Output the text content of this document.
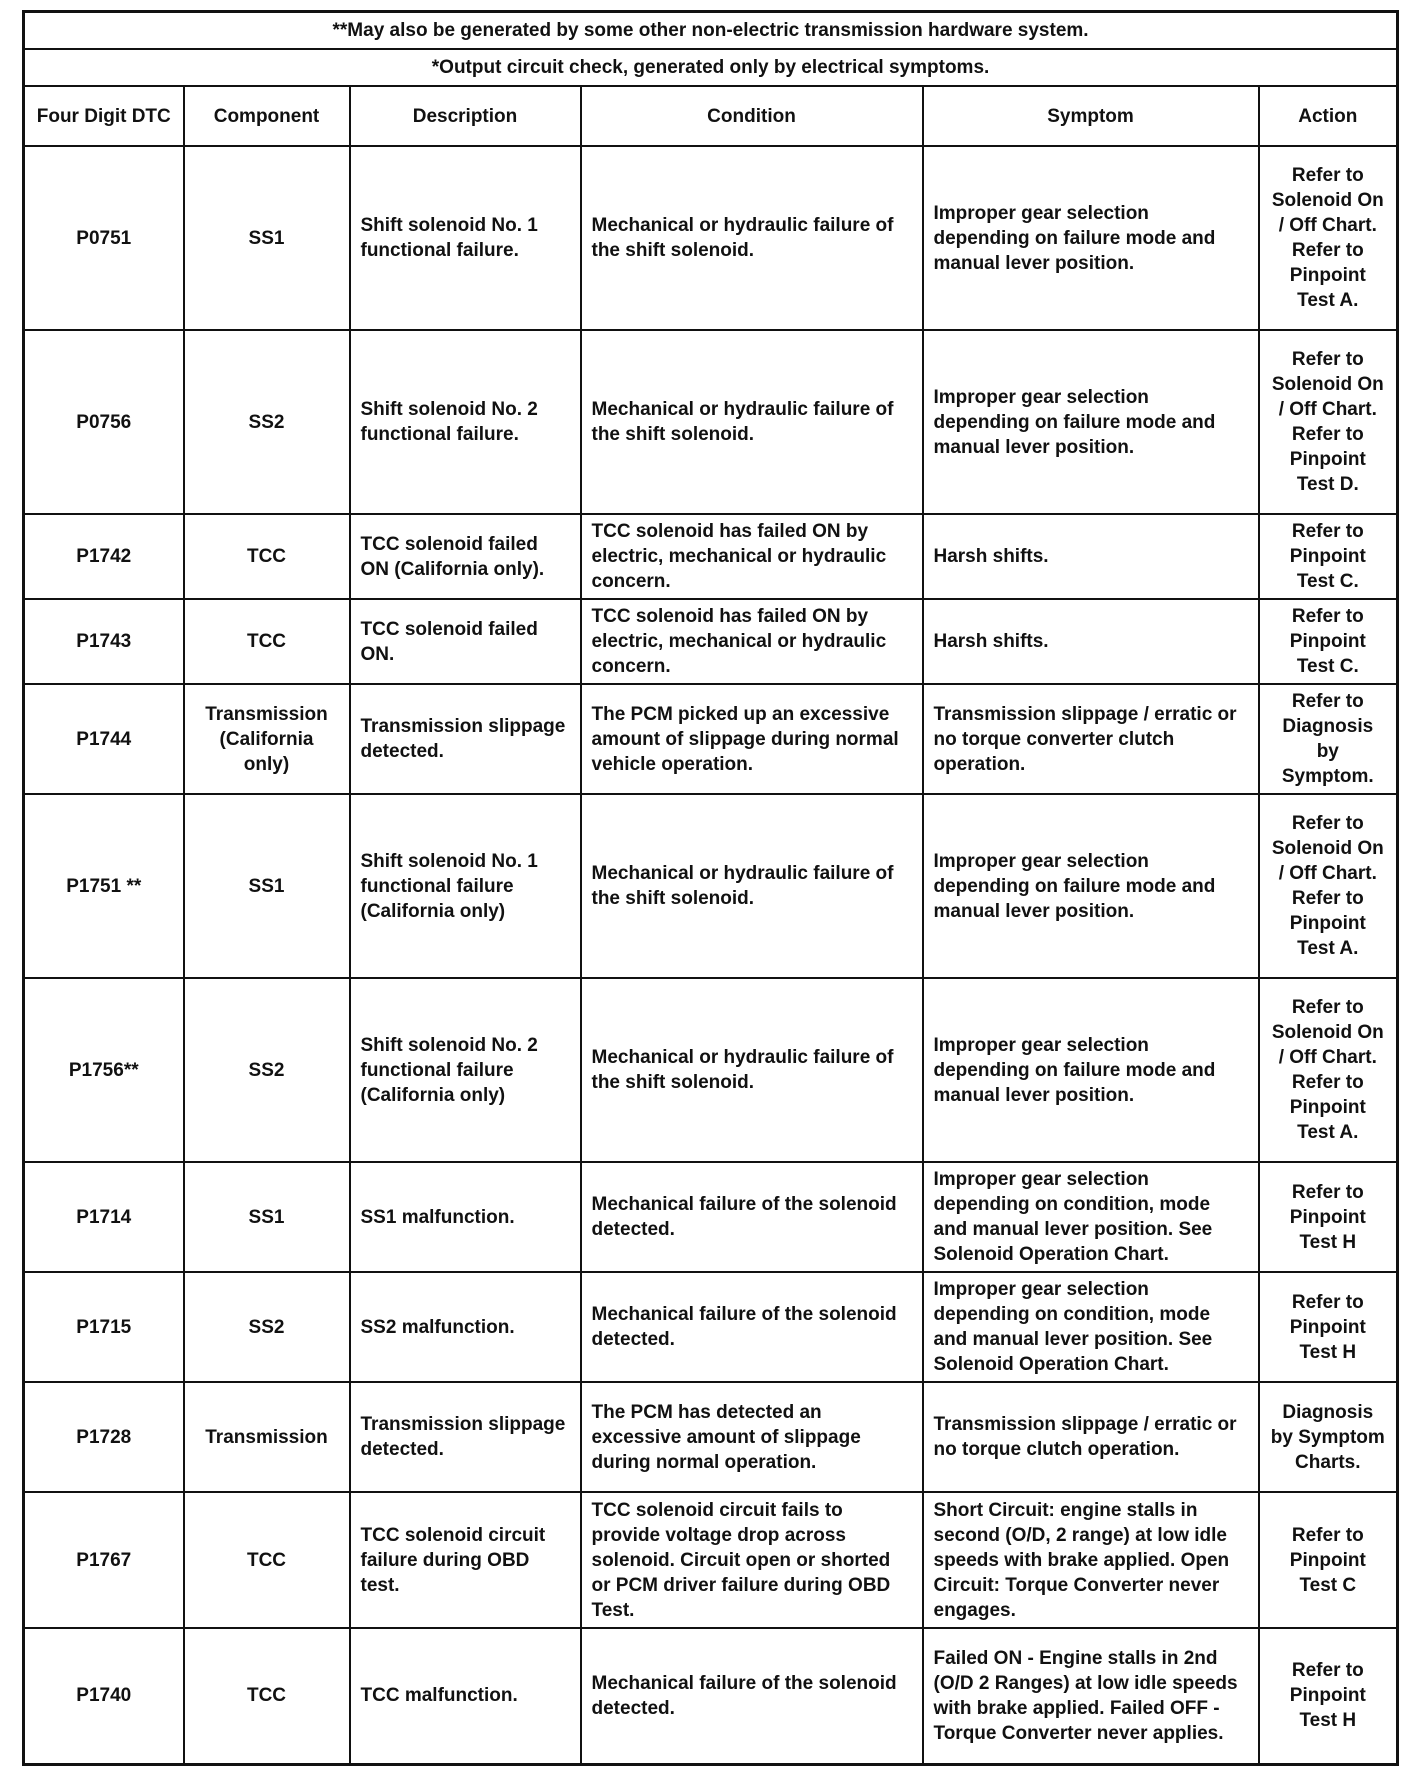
**May also be generated by some other non-electric transmission hardware system.					
*Output circuit check, generated only by electrical symptoms.					
Four Digit DTC	Component	Description	Condition	Symptom	Action
P0751	SS1	Shift solenoid No. 1 functional failure.	Mechanical or hydraulic failure of the shift solenoid.	Improper gear selection depending on failure mode and manual lever position.	Refer to Solenoid On / Off Chart. Refer to Pinpoint Test A.
P0756	SS2	Shift solenoid No. 2 functional failure.	Mechanical or hydraulic failure of the shift solenoid.	Improper gear selection depending on failure mode and manual lever position.	Refer to Solenoid On / Off Chart. Refer to Pinpoint Test D.
P1742	TCC	TCC solenoid failed ON (California only).	TCC solenoid has failed ON by electric, mechanical or hydraulic concern.	Harsh shifts.	Refer to Pinpoint Test C.
P1743	TCC	TCC solenoid failed ON.	TCC solenoid has failed ON by electric, mechanical or hydraulic concern.	Harsh shifts.	Refer to Pinpoint Test C.
P1744	Transmission (California only)	Transmission slippage detected.	The PCM picked up an excessive amount of slippage during normal vehicle operation.	Transmission slippage / erratic or no torque converter clutch operation.	Refer to Diagnosis by Symptom.
P1751 **	SS1	Shift solenoid No. 1 functional failure (California only)	Mechanical or hydraulic failure of the shift solenoid.	Improper gear selection depending on failure mode and manual lever position.	Refer to Solenoid On / Off Chart. Refer to Pinpoint Test A.
P1756**	SS2	Shift solenoid No. 2 functional failure (California only)	Mechanical or hydraulic failure of the shift solenoid.	Improper gear selection depending on failure mode and manual lever position.	Refer to Solenoid On / Off Chart. Refer to Pinpoint Test A.
P1714	SS1	SS1 malfunction.	Mechanical failure of the solenoid detected.	Improper gear selection depending on condition, mode and manual lever position. See Solenoid Operation Chart.	Refer to Pinpoint Test H
P1715	SS2	SS2 malfunction.	Mechanical failure of the solenoid detected.	Improper gear selection depending on condition, mode and manual lever position. See Solenoid Operation Chart.	Refer to Pinpoint Test H
P1728	Transmission	Transmission slippage detected.	The PCM has detected an excessive amount of slippage during normal operation.	Transmission slippage / erratic or no torque clutch operation.	Diagnosis by Symptom Charts.
P1767	TCC	TCC solenoid circuit failure during OBD test.	TCC solenoid circuit fails to provide voltage drop across solenoid. Circuit open or shorted or PCM driver failure during OBD Test.	Short Circuit: engine stalls in second (O/D, 2 range) at low idle speeds with brake applied. Open Circuit: Torque Converter never engages.	Refer to Pinpoint Test C
P1740	TCC	TCC malfunction.	Mechanical failure of the solenoid detected.	Failed ON - Engine stalls in 2nd (O/D 2 Ranges) at low idle speeds with brake applied. Failed OFF - Torque Converter never applies.	Refer to Pinpoint Test H
